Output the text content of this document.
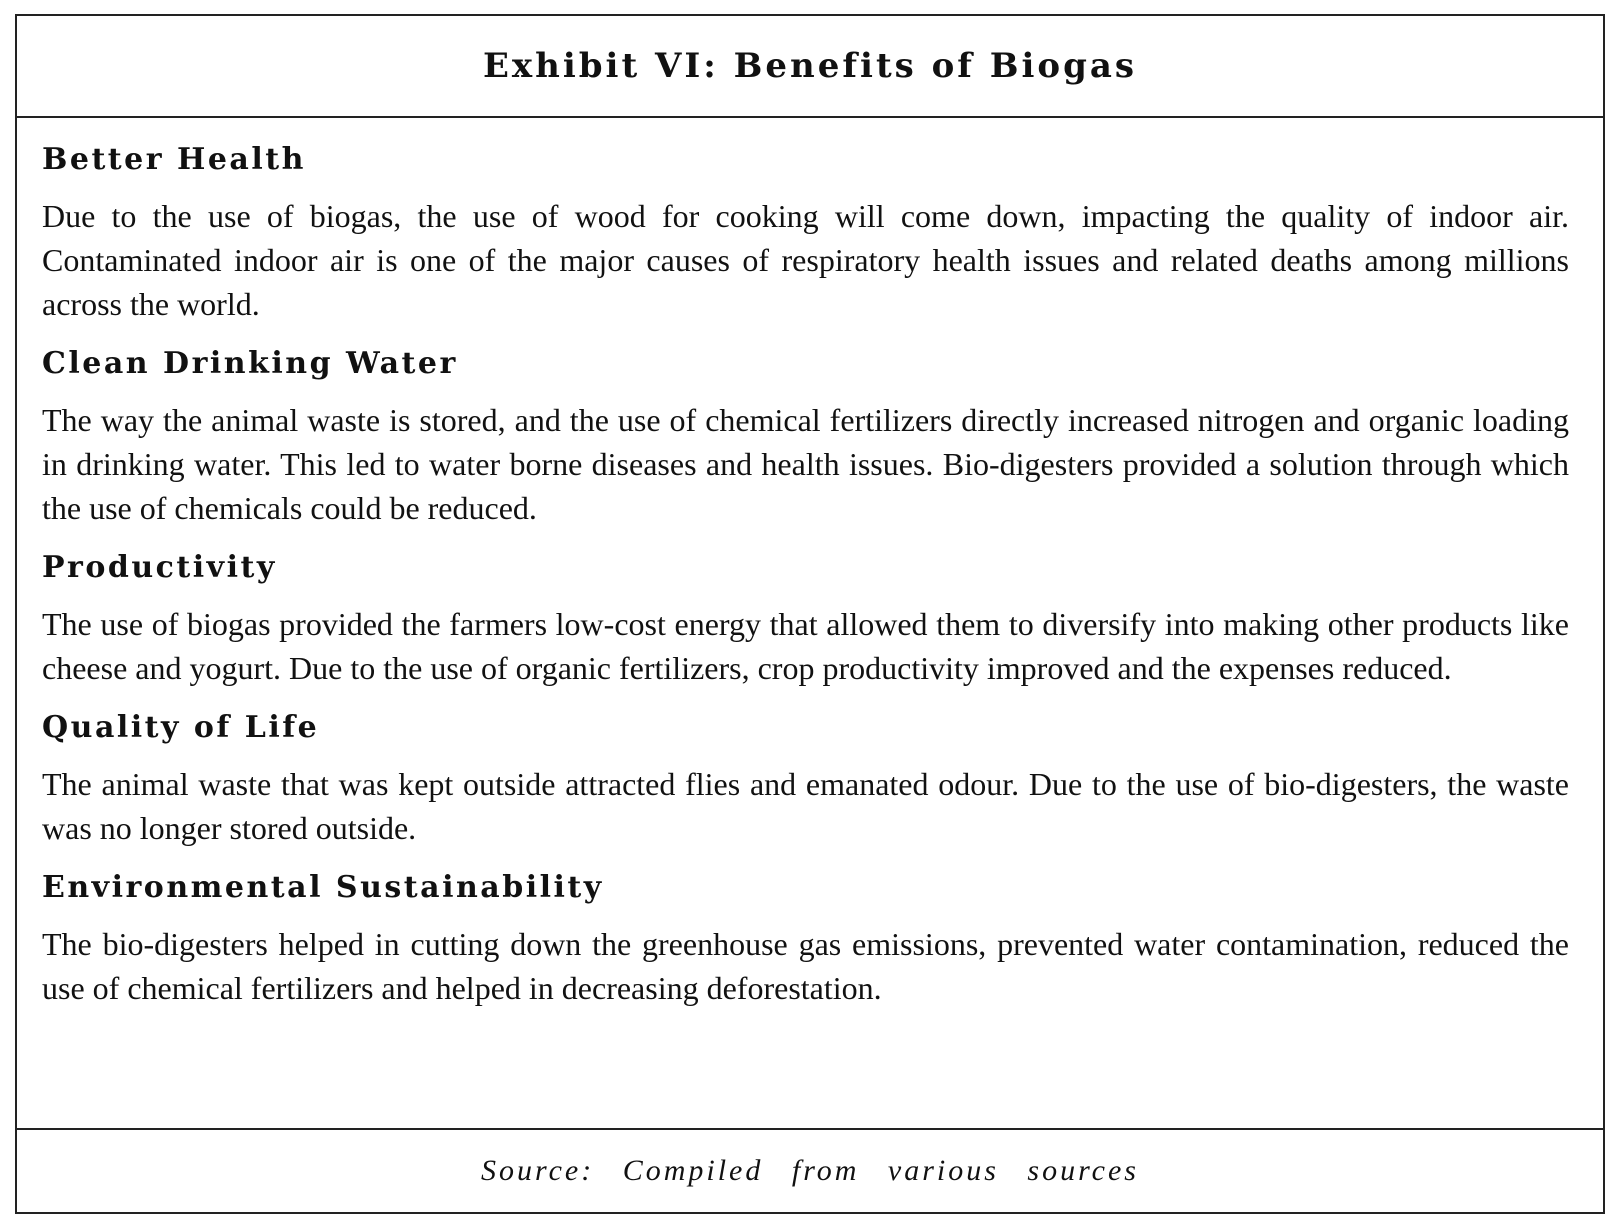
Exhibit VI: Benefits of Biogas
Better Health

Due to the use of biogas, the use of wood for cooking will come down, impacting the quality of indoor air. Contaminated indoor air is one of the major causes of respiratory health issues and related deaths among millions across the world.

Clean Drinking Water

The way the animal waste is stored, and the use of chemical fertilizers directly increased nitrogen and organic loading in drinking water. This led to water borne diseases and health issues. Bio-digesters provided a solution through which the use of chemicals could be reduced.

Productivity

The use of biogas provided the farmers low-cost energy that allowed them to diversify into making other products like cheese and yogurt. Due to the use of organic fertilizers, crop productivity improved and the expenses reduced.

Quality of Life

The animal waste that was kept outside attracted flies and emanated odour. Due to the use of bio-digesters, the waste was no longer stored outside.

Environmental Sustainability

The bio-digesters helped in cutting down the greenhouse gas emissions, prevented water contamination, reduced the use of chemical fertilizers and helped in decreasing deforestation.

Source: Compiled from various sources
